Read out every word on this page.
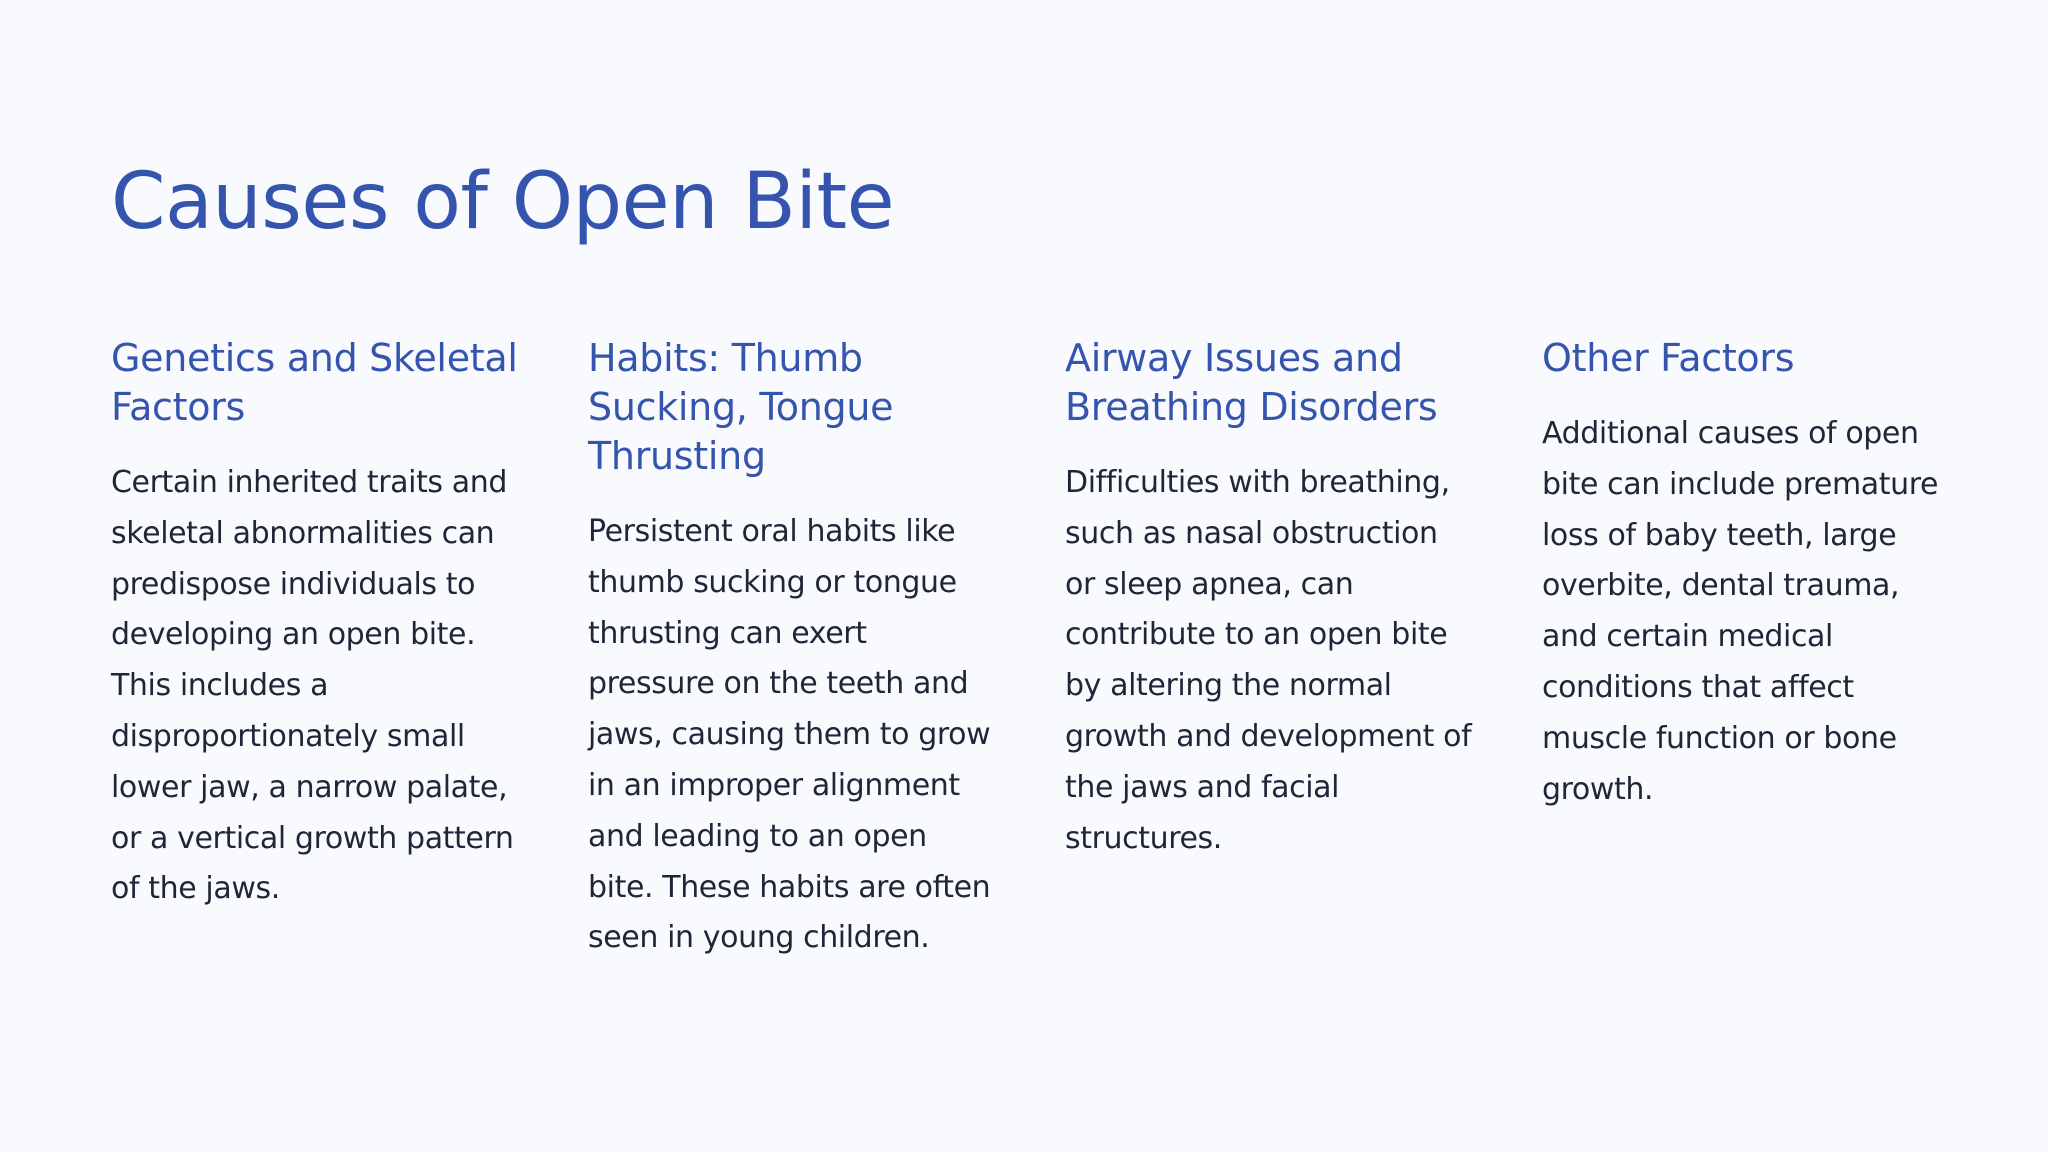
Causes of Open Bite
Genetics and Skeletal Factors

Certain inherited traits and skeletal abnormalities can predispose individuals to developing an open bite. This includes a disproportionately small lower jaw, a narrow palate, or a vertical growth pattern of the jaws.

Habits: Thumb Sucking, Tongue Thrusting

Persistent oral habits like thumb sucking or tongue thrusting can exert pressure on the teeth and jaws, causing them to grow in an improper alignment and leading to an open bite. These habits are often seen in young children.

Airway Issues and Breathing Disorders

Difficulties with breathing, such as nasal obstruction or sleep apnea, can contribute to an open bite by altering the normal growth and development of the jaws and facial structures.

Other Factors

Additional causes of open bite can include premature loss of baby teeth, large overbite, dental trauma, and certain medical conditions that affect muscle function or bone growth.
